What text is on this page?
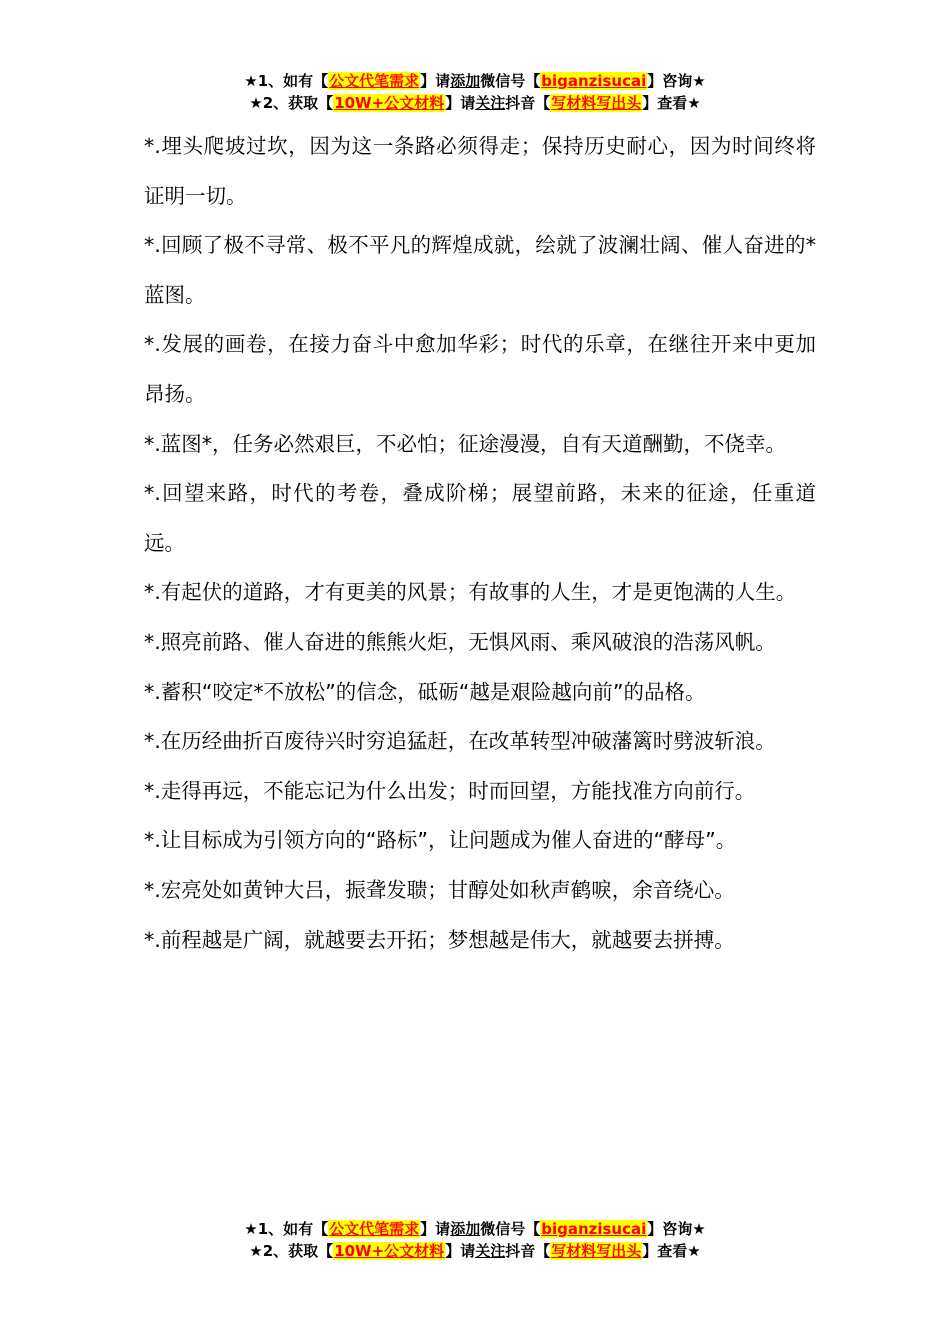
★1、如有【公文代笔需求】请添加微信号【biganzisucai】咨询★
★2、获取【10W+公文材料】请关注抖音【写材料写出头】查看★

*.埋头爬坡过坎，因为这一条路必须得走；保持历史耐心，因为时间终将证明一切。

*.回顾了极不寻常、极不平凡的辉煌成就，绘就了波澜壮阔、催人奋进的*蓝图。

*.发展的画卷，在接力奋斗中愈加华彩；时代的乐章，在继往开来中更加昂扬。

*.蓝图*，任务必然艰巨，不必怕；征途漫漫，自有天道酬勤，不侥幸。

*.回望来路，时代的考卷，叠成阶梯；展望前路，未来的征途，任重道远。

*.有起伏的道路，才有更美的风景；有故事的人生，才是更饱满的人生。

*.照亮前路、催人奋进的熊熊火炬，无惧风雨、乘风破浪的浩荡风帆。

*.蓄积“咬定*不放松”的信念，砥砺“越是艰险越向前”的品格。

*.在历经曲折百废待兴时穷追猛赶，在改革转型冲破藩篱时劈波斩浪。

*.走得再远，不能忘记为什么出发；时而回望，方能找准方向前行。

*.让目标成为引领方向的“路标”，让问题成为催人奋进的“酵母”。

*.宏亮处如黄钟大吕，振聋发聩；甘醇处如秋声鹤唳，余音绕心。

*.前程越是广阔，就越要去开拓；梦想越是伟大，就越要去拼搏。

★1、如有【公文代笔需求】请添加微信号【biganzisucai】咨询★
★2、获取【10W+公文材料】请关注抖音【写材料写出头】查看★
